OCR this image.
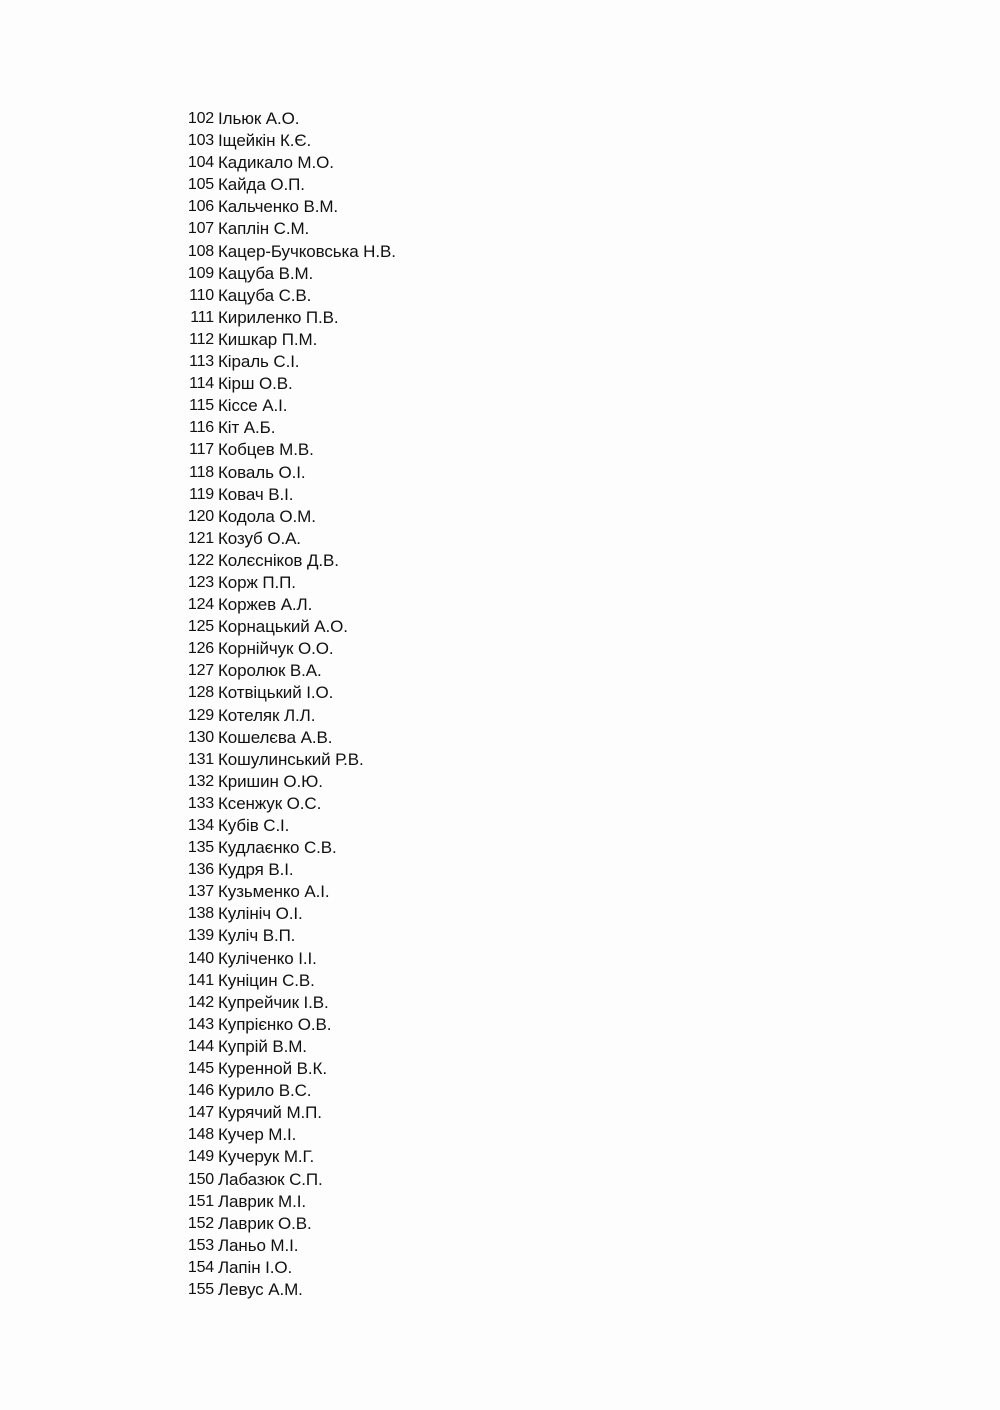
102 Ільюк А.О.
103 Іщейкін К.Є.
104 Кадикало М.О.
105 Кайда О.П.
106 Кальченко В.М.
107 Каплін С.М.
108 Кацер-Бучковська Н.В.
109 Кацуба В.М.
110 Кацуба С.В.
111 Кириленко П.В.
112 Кишкар П.М.
113 Кіраль С.І.
114 Кірш О.В.
115 Кіссе А.І.
116 Кіт А.Б.
117 Кобцев М.В.
118 Коваль О.І.
119 Ковач В.І.
120 Кодола О.М.
121 Козуб О.А.
122 Колєсніков Д.В.
123 Корж П.П.
124 Коржев А.Л.
125 Корнацький А.О.
126 Корнійчук О.О.
127 Королюк В.А.
128 Котвіцький І.О.
129 Котеляк Л.Л.
130 Кошелєва А.В.
131 Кошулинський Р.В.
132 Кришин О.Ю.
133 Ксенжук О.С.
134 Кубів С.І.
135 Кудлаєнко С.В.
136 Кудря В.І.
137 Кузьменко А.І.
138 Кулініч О.І.
139 Куліч В.П.
140 Куліченко І.І.
141 Куніцин С.В.
142 Купрейчик І.В.
143 Купрієнко О.В.
144 Купрій В.М.
145 Куренной В.К.
146 Курило В.С.
147 Курячий М.П.
148 Кучер М.І.
149 Кучерук М.Г.
150 Лабазюк С.П.
151 Лаврик М.І.
152 Лаврик О.В.
153 Ланьо М.І.
154 Лапін І.О.
155 Левус А.М.
